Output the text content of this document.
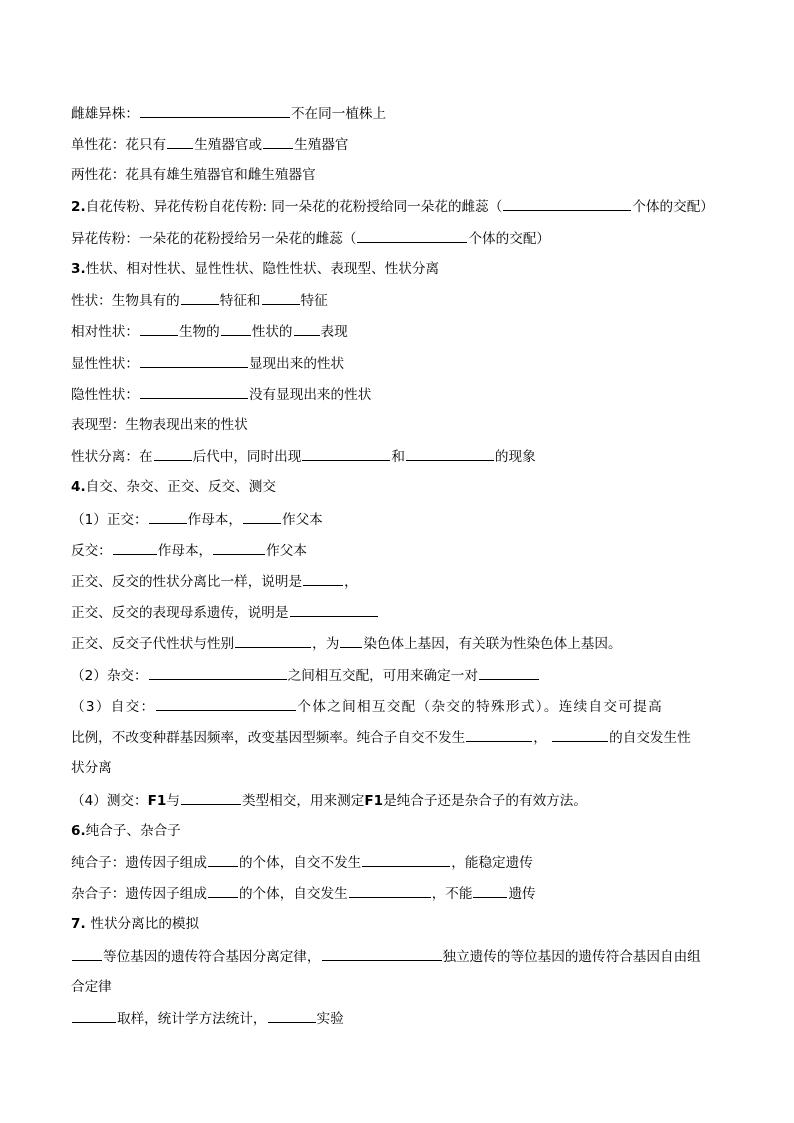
雌雄异株：	不在同一植株上
单性花：花只有 生殖器官或 生殖器官
两性花：花具有雄生殖器官和雌生殖器官
2.自花传粉、异花传粉自花传粉: 同一朵花的花粉授给同一朵花的雌蕊（	个体的交配）
异花传粉：一朵花的花粉授给另一朵花的雌蕊（	个体的交配）
3.性状、相对性状、显性性状、隐性性状、表现型、性状分离
性状：生物具有的	特征和	特征
相对性状：	生物的 性状的 表现
显性性状：	显现出来的性状
隐性性状：	没有显现出来的性状
表现型：生物表现出来的性状
性状分离：在	后代中，同时出现	和	的现象
4.自交、杂交、正交、反交、测交
（1）正交：	作母本，	作父本
反交：	作母本，	作父本
正交、反交的性状分离比一样，说明是	，
正交、反交的表现母系遗传，说明是
正交、反交子代性状与性别	，为 染色体上基因，有关联为性染色体上基因。
（2）杂交：	之间相互交配，可用来确定一对
（3）自交：	个体之间相互交配（杂交的特殊形式）。连续自交可提高
比例，不改变种群基因频率，改变基因型频率。纯合子自交不发生	，	的自交发生性
状分离
（4）测交：F1与	类型相交，用来测定F1是纯合子还是杂合子的有效方法。
6.纯合子、杂合子
纯合子：遗传因子组成 的个体，自交不发生	，能稳定遗传
杂合子：遗传因子组成 的个体，自交发生	，不能	遗传
7. 性状分离比的模拟
等位基因的遗传符合基因分离定律，	独立遗传的等位基因的遗传符合基因自由组
合定律
取样，统计学方法统计，	实验
